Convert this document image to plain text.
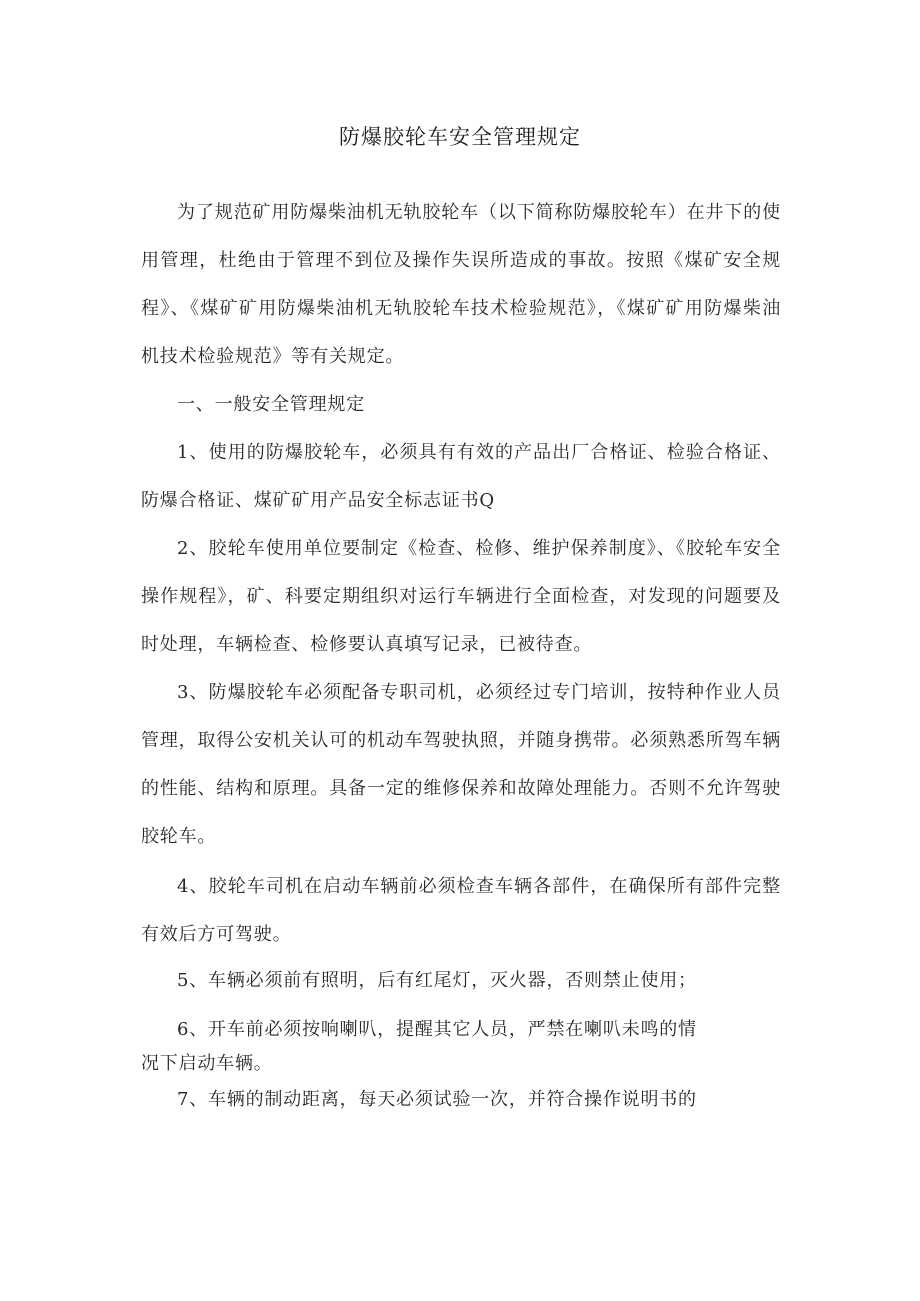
防爆胶轮车安全管理规定
为了规范矿用防爆柴油机无轨胶轮车（以下简称防爆胶轮车）在井下的使用管理，杜绝由于管理不到位及操作失误所造成的事故。按照《煤矿安全规程》、《煤矿矿用防爆柴油机无轨胶轮车技术检验规范》，《煤矿矿用防爆柴油机技术检验规范》等有关规定。
一、一般安全管理规定
1、使用的防爆胶轮车，必须具有有效的产品出厂合格证、检验合格证、防爆合格证、煤矿矿用产品安全标志证书Q
2、胶轮车使用单位要制定《检查、检修、维护保养制度》、《胶轮车安全操作规程》，矿、科要定期组织对运行车辆进行全面检查，对发现的问题要及时处理，车辆检查、检修要认真填写记录，已被待查。
3、防爆胶轮车必须配备专职司机，必须经过专门培训，按特种作业人员管理，取得公安机关认可的机动车驾驶执照，并随身携带。必须熟悉所驾车辆的性能、结构和原理。具备一定的维修保养和故障处理能力。否则不允许驾驶胶轮车。
4、胶轮车司机在启动车辆前必须检查车辆各部件，在确保所有部件完整有效后方可驾驶。
5、车辆必须前有照明，后有红尾灯，灭火器，否则禁止使用；
6、开车前必须按响喇叭，提醒其它人员，严禁在喇叭未鸣的情
况下启动车辆。
7、车辆的制动距离，每天必须试验一次，并符合操作说明书的
